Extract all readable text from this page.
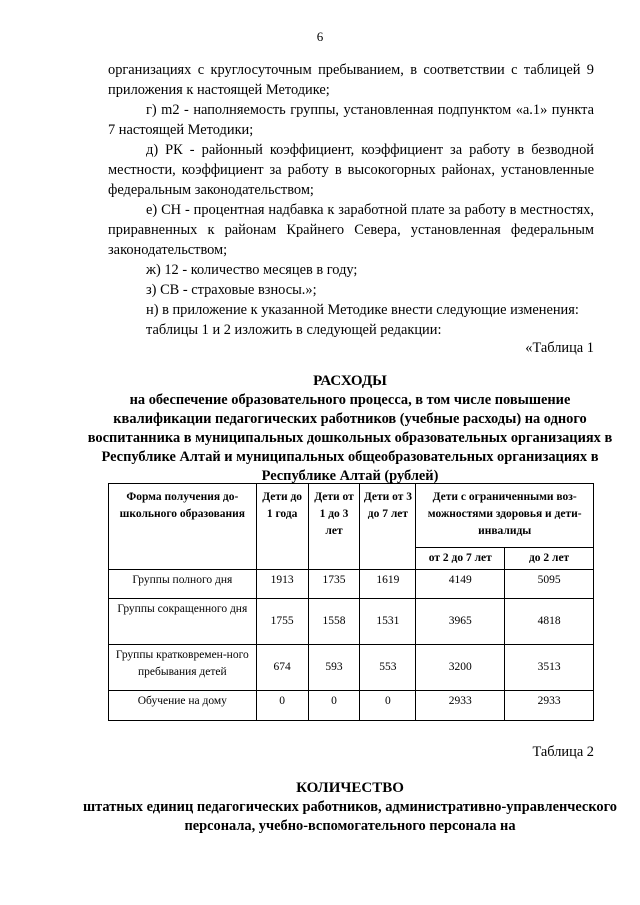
6

организациях с круглосуточным пребыванием, в соответствии с таблицей 9 приложения к настоящей Методике;

г) m2 - наполняемость группы, установленная подпунктом «а.1» пункта 7 настоящей Методики;

д) РК - районный коэффициент, коэффициент за работу в безводной местности, коэффициент за работу в высокогорных районах, установленные федеральным законодательством;

е) СН - процентная надбавка к заработной плате за работу в местностях, приравненных к районам Крайнего Севера, установленная федеральным законодательством;

ж) 12 - количество месяцев в году;

з) СВ - страховые взносы.»;

н) в приложение к указанной Методике внести следующие изменения:

таблицы 1 и 2 изложить в следующей редакции:

«Таблица 1
РАСХОДЫ
на обеспечение образовательного процесса, в том числе повышение квалификации педагогических работников (учебные расходы) на одного воспитанника в муниципальных дошкольных образовательных организациях в Республике Алтай и муниципальных общеобразовательных организациях в Республике Алтай (рублей)
Форма получения до-школьного образования	Дети до 1 года	Дети от 1 до 3 лет	Дети от 3 до 7 лет	Дети с ограниченными воз-можностями здоровья и дети-инвалиды	
				от 2 до 7 лет	до 2 лет
Группы полного дня	1913	1735	1619	4149	5095
Группы сокращенного дня	1755	1558	1531	3965	4818
Группы кратковремен-ного пребывания детей	674	593	553	3200	3513
Обучение на дому	0	0	0	2933	2933
Таблица 2
КОЛИЧЕСТВО
штатных единиц педагогических работников, административно-управленческого персонала, учебно-вспомогательного персонала на
